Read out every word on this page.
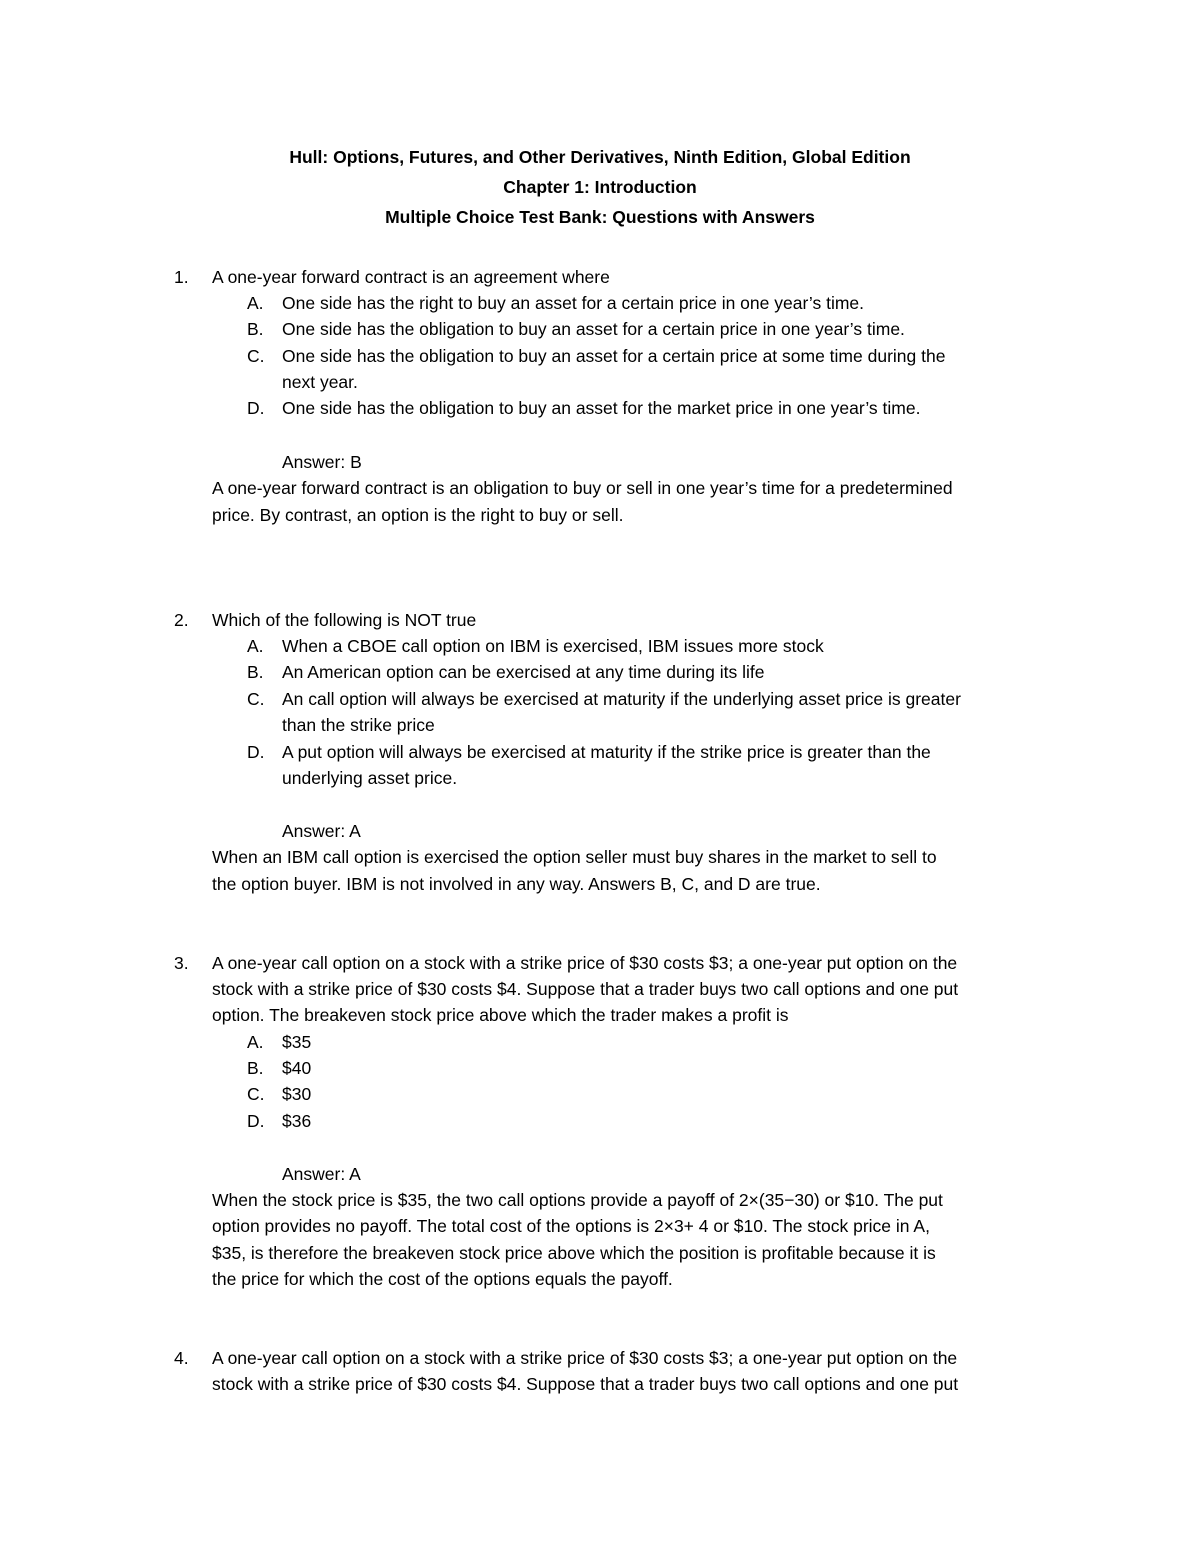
Hull: Options, Futures, and Other Derivatives, Ninth Edition, Global Edition
Chapter 1: Introduction
Multiple Choice Test Bank: Questions with Answers
1. A one-year forward contract is an agreement where
A. One side has the right to buy an asset for a certain price in one year’s time.
B. One side has the obligation to buy an asset for a certain price in one year’s time.
C. One side has the obligation to buy an asset for a certain price at some time during the
next year.
D. One side has the obligation to buy an asset for the market price in one year’s time.
Answer: B
A one-year forward contract is an obligation to buy or sell in one year’s time for a predetermined
price. By contrast, an option is the right to buy or sell.
2. Which of the following is NOT true
A. When a CBOE call option on IBM is exercised, IBM issues more stock
B. An American option can be exercised at any time during its life
C. An call option will always be exercised at maturity if the underlying asset price is greater
than the strike price
D. A put option will always be exercised at maturity if the strike price is greater than the
underlying asset price.
Answer: A
When an IBM call option is exercised the option seller must buy shares in the market to sell to
the option buyer. IBM is not involved in any way. Answers B, C, and D are true.
3. A one-year call option on a stock with a strike price of $30 costs $3; a one-year put option on the
stock with a strike price of $30 costs $4. Suppose that a trader buys two call options and one put
option. The breakeven stock price above which the trader makes a profit is
A. $35
B. $40
C. $30
D. $36
Answer: A
When the stock price is $35, the two call options provide a payoff of 2×(35−30) or $10. The put
option provides no payoff. The total cost of the options is 2×3+ 4 or $10. The stock price in A,
$35, is therefore the breakeven stock price above which the position is profitable because it is
the price for which the cost of the options equals the payoff.
4. A one-year call option on a stock with a strike price of $30 costs $3; a one-year put option on the
stock with a strike price of $30 costs $4. Suppose that a trader buys two call options and one put
